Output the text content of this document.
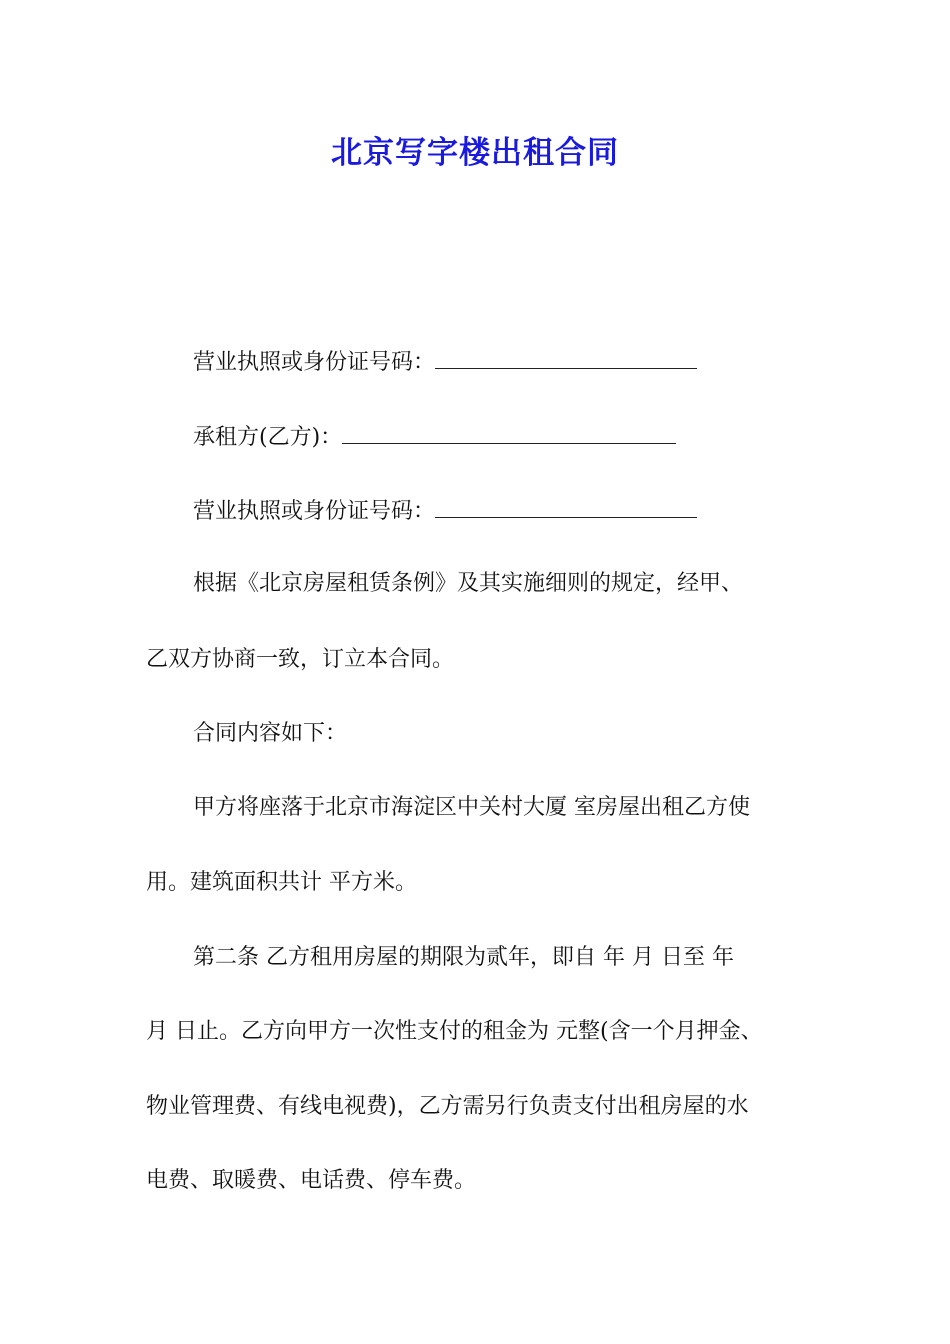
北京写字楼出租合同
营业执照或身份证号码：
承租方(乙方)：
营业执照或身份证号码：
根据《北京房屋租赁条例》及其实施细则的规定，经甲、
乙双方协商一致，订立本合同。
合同内容如下：
甲方将座落于北京市海淀区中关村大厦 室房屋出租乙方使
用。建筑面积共计 平方米。
第二条 乙方租用房屋的期限为贰年，即自 年 月 日至 年
月 日止。乙方向甲方一次性支付的租金为 元整(含一个月押金、
物业管理费、有线电视费)，乙方需另行负责支付出租房屋的水
电费、取暖费、电话费、停车费。
